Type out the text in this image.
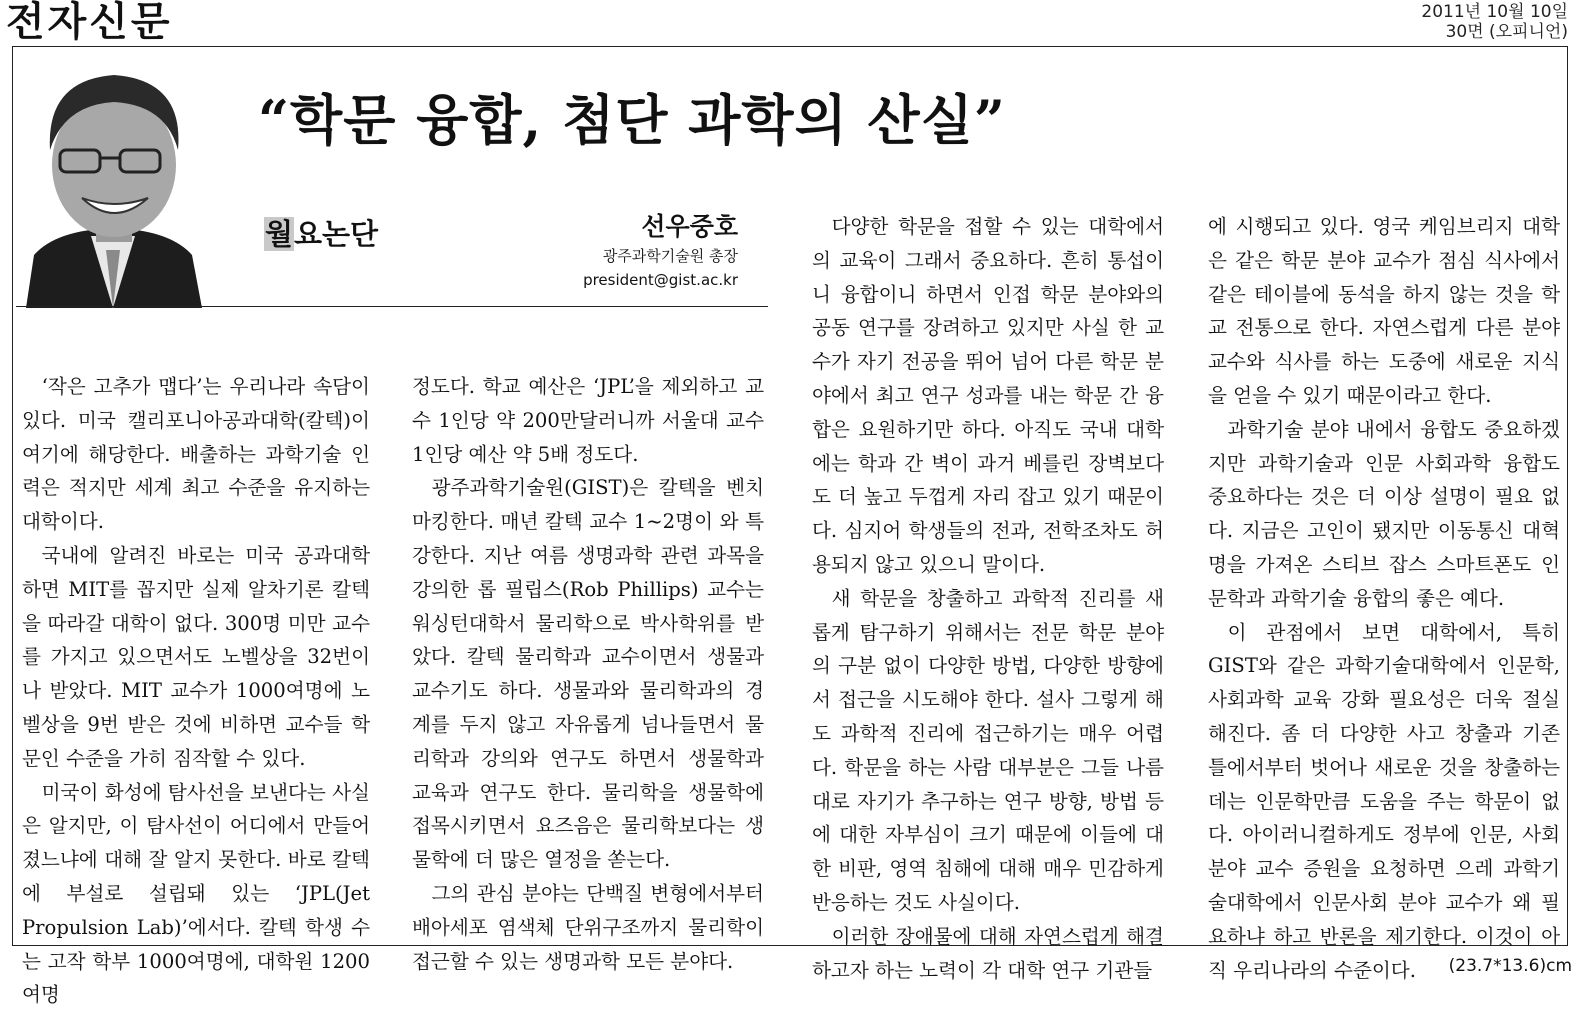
전자신문	2011년 10월 10일
30면 (오피니언)
“학문 융합, 첨단 과학의 산실”
월요논단	선우중호
광주과학기술원 총장
president@gist.ac.kr

‘작은 고추가 맵다’는 우리나라 속담이 있다. 미국 캘리포니아공과대학(칼텍)이 여기에 해당한다. 배출하는 과학기술 인력은 적지만 세계 최고 수준을 유지하는 대학이다.

국내에 알려진 바로는 미국 공과대학 하면 MIT를 꼽지만 실제 알차기론 칼텍을 따라갈 대학이 없다. 300명 미만 교수를 가지고 있으면서도 노벨상을 32번이나 받았다. MIT 교수가 1000여명에 노벨상을 9번 받은 것에 비하면 교수들 학문인 수준을 가히 짐작할 수 있다.

미국이 화성에 탐사선을 보낸다는 사실은 알지만, 이 탐사선이 어디에서 만들어졌느냐에 대해 잘 알지 못한다. 바로 칼텍에 부설로 설립돼 있는 ‘JPL(Jet Propulsion Lab)’에서다. 칼텍 학생 수는 고작 학부 1000여명에, 대학원 1200여명

정도다. 학교 예산은 ‘JPL’을 제외하고 교수 1인당 약 200만달러니까 서울대 교수 1인당 예산 약 5배 정도다.

광주과학기술원(GIST)은 칼텍을 벤치마킹한다. 매년 칼텍 교수 1~2명이 와 특강한다. 지난 여름 생명과학 관련 과목을 강의한 롭 필립스(Rob Phillips) 교수는 워싱턴대학서 물리학으로 박사학위를 받았다. 칼텍 물리학과 교수이면서 생물과 교수기도 하다. 생물과와 물리학과의 경계를 두지 않고 자유롭게 넘나들면서 물리학과 강의와 연구도 하면서 생물학과 교육과 연구도 한다. 물리학을 생물학에 접목시키면서 요즈음은 물리학보다는 생물학에 더 많은 열정을 쏟는다.

그의 관심 분야는 단백질 변형에서부터 배아세포 염색체 단위구조까지 물리학이 접근할 수 있는 생명과학 모든 분야다.

다양한 학문을 접할 수 있는 대학에서의 교육이 그래서 중요하다. 흔히 통섭이니 융합이니 하면서 인접 학문 분야와의 공동 연구를 장려하고 있지만 사실 한 교수가 자기 전공을 뛰어 넘어 다른 학문 분야에서 최고 연구 성과를 내는 학문 간 융합은 요원하기만 하다. 아직도 국내 대학에는 학과 간 벽이 과거 베를린 장벽보다도 더 높고 두껍게 자리 잡고 있기 때문이다. 심지어 학생들의 전과, 전학조차도 허용되지 않고 있으니 말이다.

새 학문을 창출하고 과학적 진리를 새롭게 탐구하기 위해서는 전문 학문 분야의 구분 없이 다양한 방법, 다양한 방향에서 접근을 시도해야 한다. 설사 그렇게 해도 과학적 진리에 접근하기는 매우 어렵다. 학문을 하는 사람 대부분은 그들 나름대로 자기가 추구하는 연구 방향, 방법 등에 대한 자부심이 크기 때문에 이들에 대한 비판, 영역 침해에 대해 매우 민감하게 반응하는 것도 사실이다.

이러한 장애물에 대해 자연스럽게 해결하고자 하는 노력이 각 대학 연구 기관들

에 시행되고 있다. 영국 케임브리지 대학은 같은 학문 분야 교수가 점심 식사에서 같은 테이블에 동석을 하지 않는 것을 학교 전통으로 한다. 자연스럽게 다른 분야 교수와 식사를 하는 도중에 새로운 지식을 얻을 수 있기 때문이라고 한다.

과학기술 분야 내에서 융합도 중요하겠지만 과학기술과 인문 사회과학 융합도 중요하다는 것은 더 이상 설명이 필요 없다. 지금은 고인이 됐지만 이동통신 대혁명을 가져온 스티브 잡스 스마트폰도 인문학과 과학기술 융합의 좋은 예다.

이 관점에서 보면 대학에서, 특히 GIST와 같은 과학기술대학에서 인문학, 사회과학 교육 강화 필요성은 더욱 절실해진다. 좀 더 다양한 사고 창출과 기존 틀에서부터 벗어나 새로운 것을 창출하는 데는 인문학만큼 도움을 주는 학문이 없다. 아이러니컬하게도 정부에 인문, 사회 분야 교수 증원을 요청하면 으레 과학기술대학에서 인문사회 분야 교수가 왜 필요하냐 하고 반론을 제기한다. 이것이 아직 우리나라의 수준이다.	(23.7*13.6)cm
